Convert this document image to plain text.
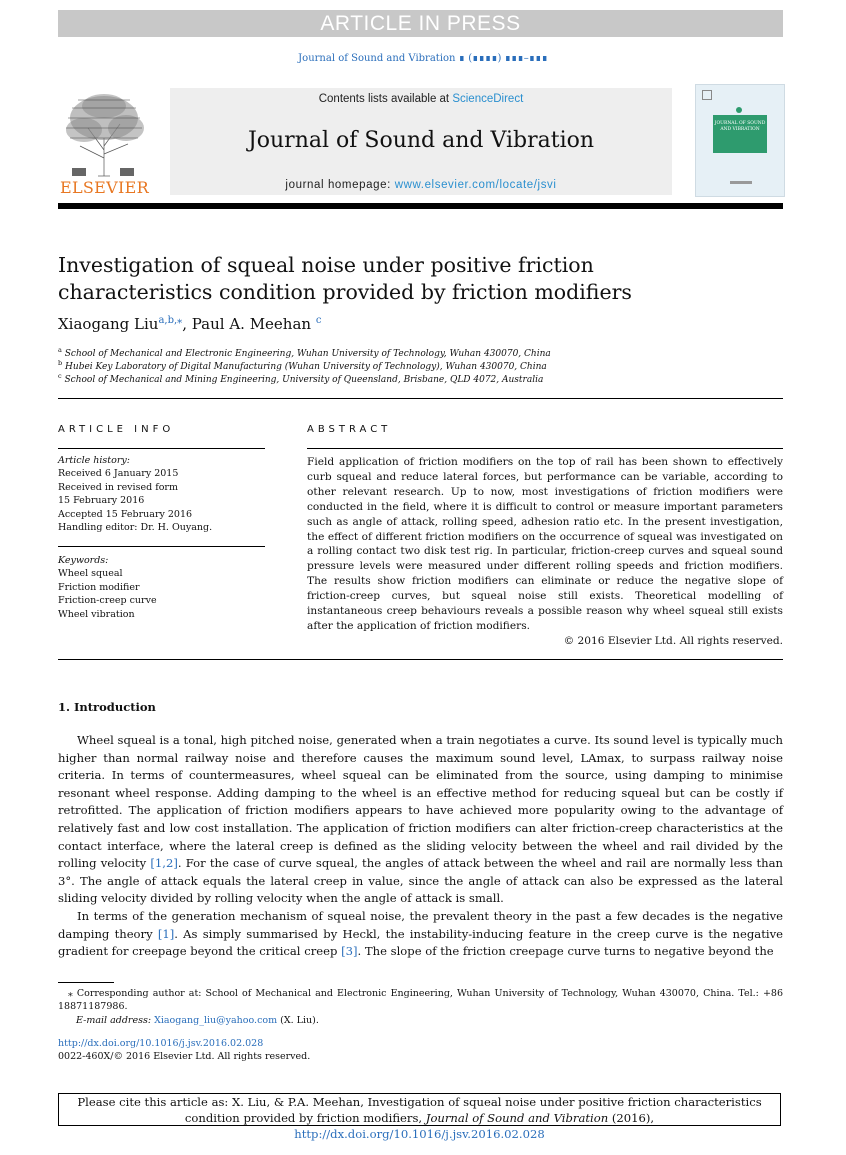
ARTICLE IN PRESS
Journal of Sound and Vibration ∎ (∎∎∎∎) ∎∎∎–∎∎∎
ELSEVIER
Contents lists available at ScienceDirect
Journal of Sound and Vibration
journal homepage: www.elsevier.com/locate/jsvi
JOURNAL OF SOUND AND VIBRATION
Investigation of squeal noise under positive friction characteristics condition provided by friction modifiers
Xiaogang Liu$^{a,b,⁎}$, Paul A. Meehan $^c$
$^a$ School of Mechanical and Electronic Engineering, Wuhan University of Technology, Wuhan 430070, China
$^b$ Hubei Key Laboratory of Digital Manufacturing (Wuhan University of Technology), Wuhan 430070, China
$^c$ School of Mechanical and Mining Engineering, University of Queensland, Brisbane, QLD 4072, Australia
ARTICLE INFO	ABSTRACT
Article history:
Received 6 January 2015
Received in revised form
15 February 2016
Accepted 15 February 2016
Handling editor: Dr. H. Ouyang.
Keywords:
Wheel squeal
Friction modifier
Friction-creep curve
Wheel vibration
Field application of friction modifiers on the top of rail has been shown to effectively curb squeal and reduce lateral forces, but performance can be variable, according to other relevant research. Up to now, most investigations of friction modifiers were conducted in the field, where it is difficult to control or measure important parameters such as angle of attack, rolling speed, adhesion ratio etc. In the present investigation, the effect of different friction modifiers on the occurrence of squeal was investigated on a rolling contact two disk test rig. In particular, friction-creep curves and squeal sound pressure levels were measured under different rolling speeds and friction modifiers. The results show friction modifiers can eliminate or reduce the negative slope of friction-creep curves, but squeal noise still exists. Theoretical modelling of instantaneous creep behaviours reveals a possible reason why wheel squeal still exists after the application of friction modifiers.
© 2016 Elsevier Ltd. All rights reserved.
1. Introduction

Wheel squeal is a tonal, high pitched noise, generated when a train negotiates a curve. Its sound level is typically much higher than normal railway noise and therefore causes the maximum sound level, LAmax, to surpass railway noise criteria. In terms of countermeasures, wheel squeal can be eliminated from the source, using damping to minimise resonant wheel response. Adding damping to the wheel is an effective method for reducing squeal but can be costly if retrofitted. The application of friction modifiers appears to have achieved more popularity owing to the advantage of relatively fast and low cost installation. The application of friction modifiers can alter friction-creep characteristics at the contact interface, where the lateral creep is defined as the sliding velocity between the wheel and rail divided by the rolling velocity [1,2]. For the case of curve squeal, the angles of attack between the wheel and rail are normally less than 3°. The angle of attack equals the lateral creep in value, since the angle of attack can also be expressed as the lateral sliding velocity divided by rolling velocity when the angle of attack is small.

In terms of the generation mechanism of squeal noise, the prevalent theory in the past a few decades is the negative damping theory [1]. As simply summarised by Heckl, the instability-inducing feature in the creep curve is the negative gradient for creepage beyond the critical creep [3]. The slope of the friction creepage curve turns to negative beyond the

⁎ Corresponding author at: School of Mechanical and Electronic Engineering, Wuhan University of Technology, Wuhan 430070, China. Tel.: +86 18871187986.
E-mail address: Xiaogang_liu@yahoo.com (X. Liu).
http://dx.doi.org/10.1016/j.jsv.2016.02.028
0022-460X/© 2016 Elsevier Ltd. All rights reserved.
Please cite this article as: X. Liu, & P.A. Meehan, Investigation of squeal noise under positive friction characteristics condition provided by friction modifiers, Journal of Sound and Vibration (2016), http://dx.doi.org/10.1016/j.jsv.2016.02.028
